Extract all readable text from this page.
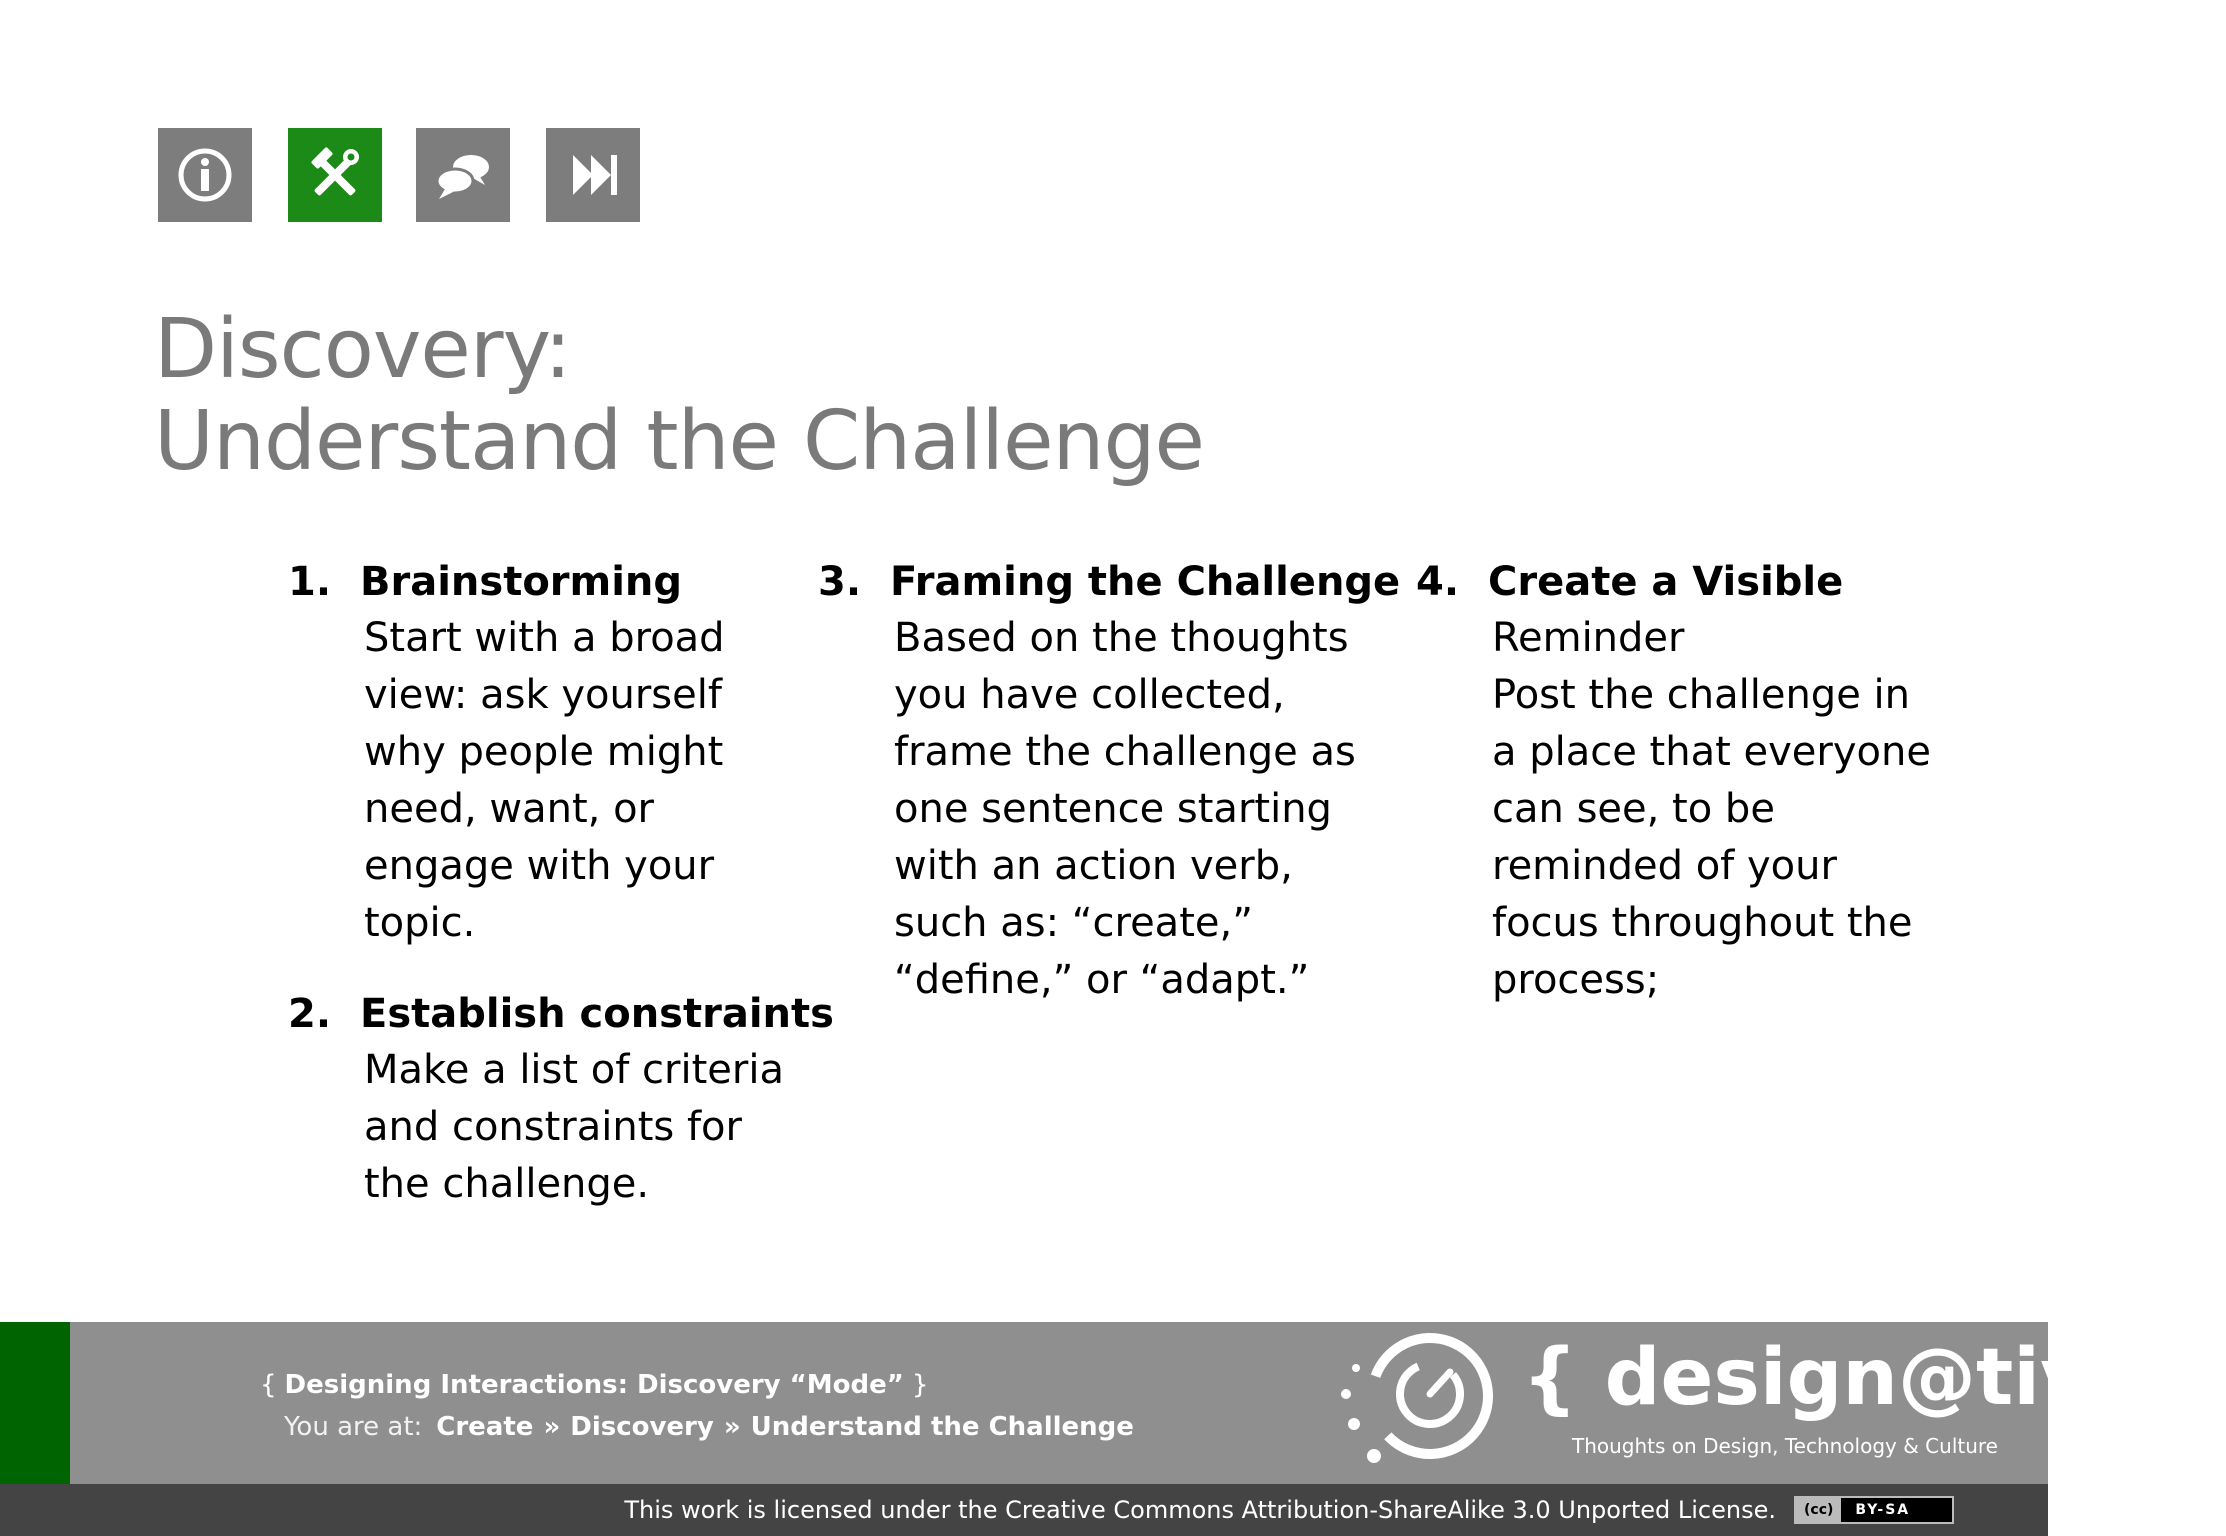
Discovery:
Understand the Challenge
1. Brainstorming
Start with a broad
view: ask yourself
why people might
need, want, or
engage with your
topic.
2. Establish constraints
Make a list of criteria
and constraints for
the challenge.
3. Framing the Challenge
Based on the thoughts
you have collected,
frame the challenge as
one sentence starting
with an action verb,
such as: “create,”
“define,” or “adapt.”
4. Create a Visible
Reminder
Post the challenge in
a place that everyone
can see, to be
reminded of your
focus throughout the
process;
{ Designing Interactions: Discovery “Mode” }
You are at: Create » Discovery » Understand the Challenge
{ design@tive }
Thoughts on Design, Technology & Culture
This work is licensed under the Creative Commons Attribution-ShareAlike 3.0 Unported License.	(cc)	BY-SA
